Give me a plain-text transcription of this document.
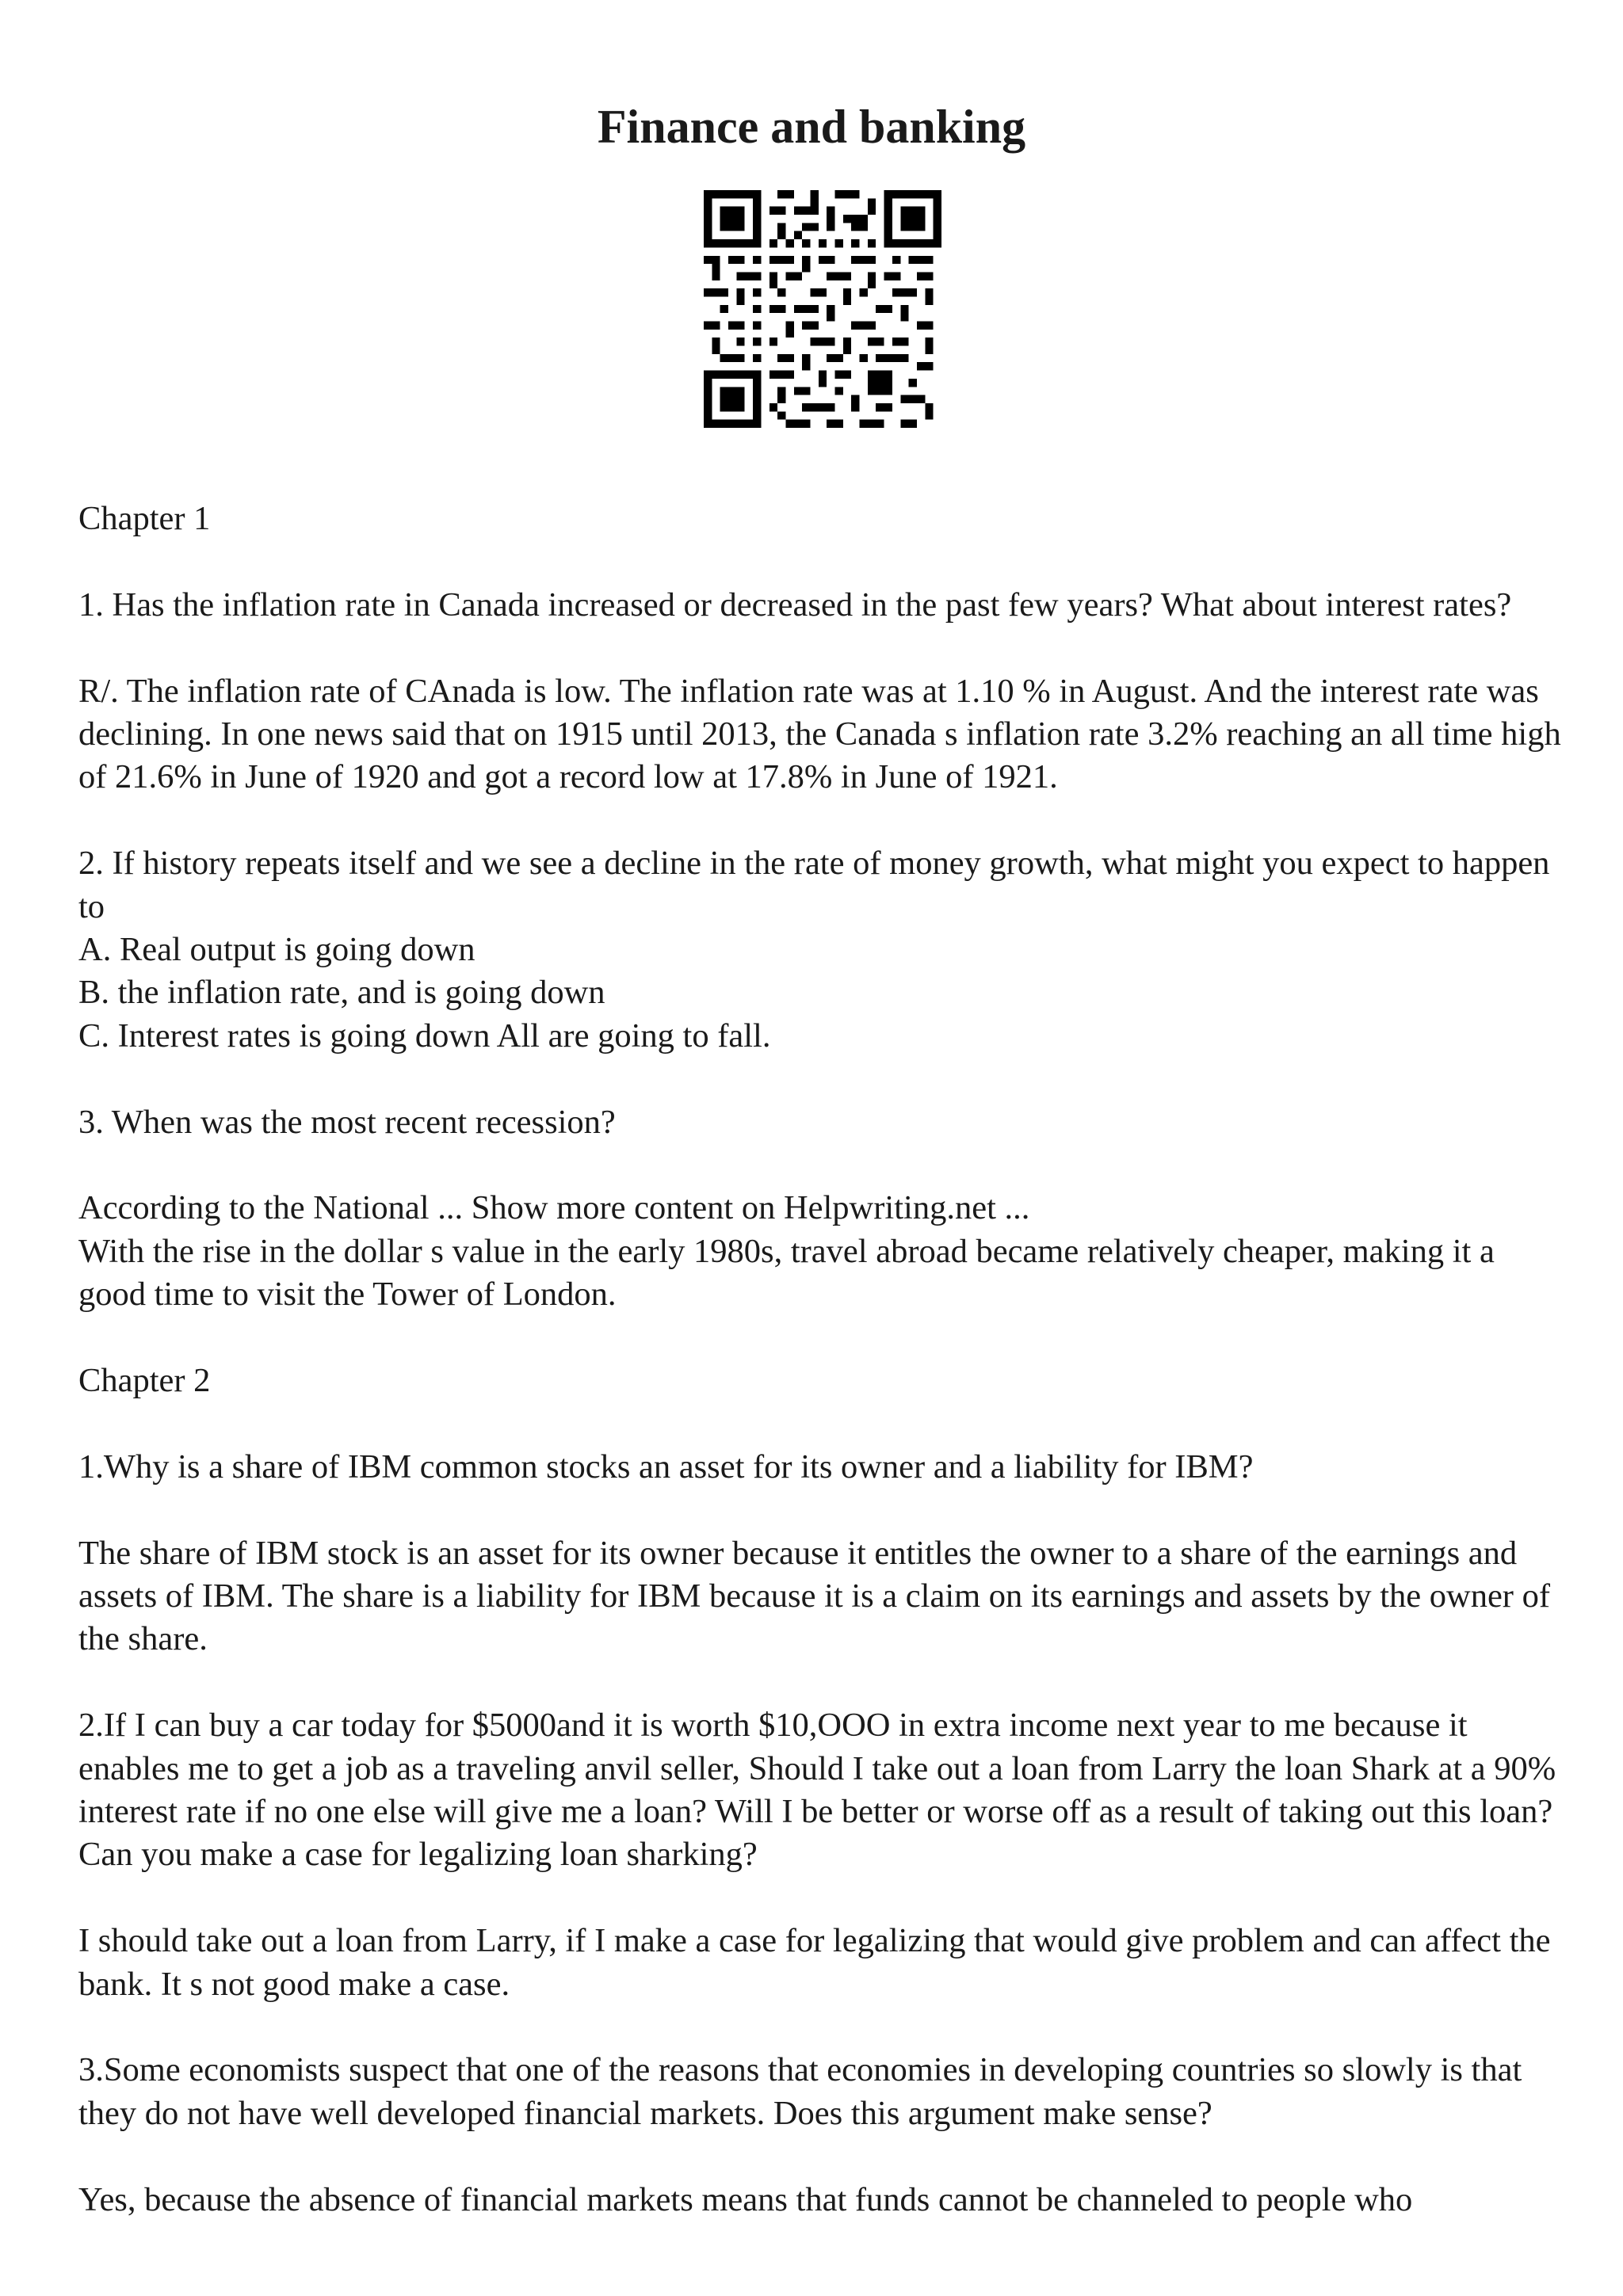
Finance and banking

Chapter 1

1. Has the inflation rate in Canada increased or decreased in the past few years? What about interest rates?

R/. The inflation rate of CAnada is low. The inflation rate was at 1.10 % in August. And the interest rate was declining. In one news said that on 1915 until 2013, the Canada s inflation rate 3.2% reaching an all time high of 21.6% in June of 1920 and got a record low at 17.8% in June of 1921.

2. If history repeats itself and we see a decline in the rate of money growth, what might you expect to happen to
A. Real output is going down
B. the inflation rate, and is going down
C. Interest rates is going down All are going to fall.

3. When was the most recent recession?

According to the National ... Show more content on Helpwriting.net ...
With the rise in the dollar s value in the early 1980s, travel abroad became relatively cheaper, making it a good time to visit the Tower of London.

Chapter 2

1.Why is a share of IBM common stocks an asset for its owner and a liability for IBM?

The share of IBM stock is an asset for its owner because it entitles the owner to a share of the earnings and assets of IBM. The share is a liability for IBM because it is a claim on its earnings and assets by the owner of the share.

2.If I can buy a car today for $5000and it is worth $10,OOO in extra income next year to me because it enables me to get a job as a traveling anvil seller, Should I take out a loan from Larry the loan Shark at a 90% interest rate if no one else will give me a loan? Will I be better or worse off as a result of taking out this loan? Can you make a case for legalizing loan sharking?

I should take out a loan from Larry, if I make a case for legalizing that would give problem and can affect the bank. It s not good make a case.

3.Some economists suspect that one of the reasons that economies in developing countries so slowly is that they do not have well developed financial markets. Does this argument make sense?

Yes, because the absence of financial markets means that funds cannot be channeled to people who
